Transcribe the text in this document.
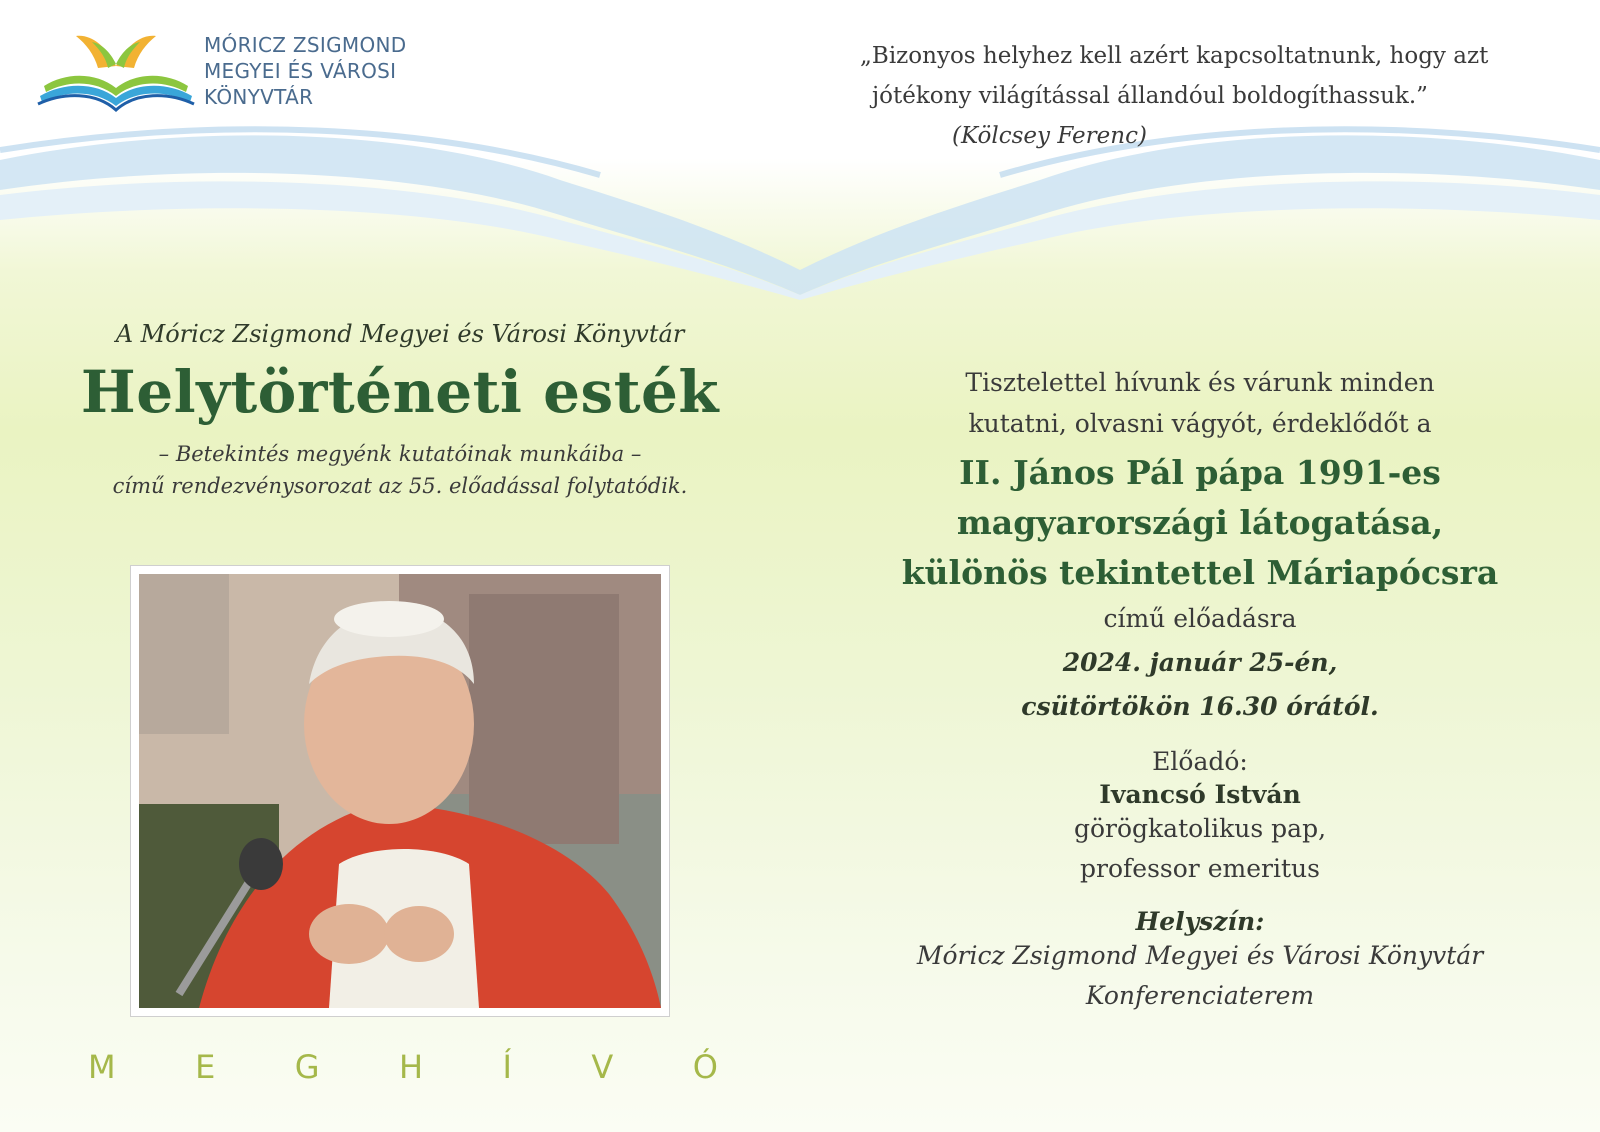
MÓRICZ ZSIGMOND
MEGYEI ÉS VÁROSI
KÖNYVTÁR
„Bizonyos helyhez kell azért kapcsoltatnunk, hogy azt
jótékony világítással állandóul boldogíthassuk.”
(Kölcsey Ferenc)
A Móricz Zsigmond Megyei és Városi Könyvtár
Helytörténeti esték
– Betekintés megyénk kutatóinak munkáiba –
című rendezvénysorozat az 55. előadással folytatódik.
M E G H Í V Ó
Tisztelettel hívunk és várunk minden
kutatni, olvasni vágyót, érdeklődőt a
II. János Pál pápa 1991-es
magyarországi látogatása,
különös tekintettel Máriapócsra
című előadásra
2024. január 25-én,
csütörtökön 16.30 órától.
Előadó:
Ivancsó István
görögkatolikus pap,
professor emeritus
Helyszín:
Móricz Zsigmond Megyei és Városi Könyvtár
Konferenciaterem
